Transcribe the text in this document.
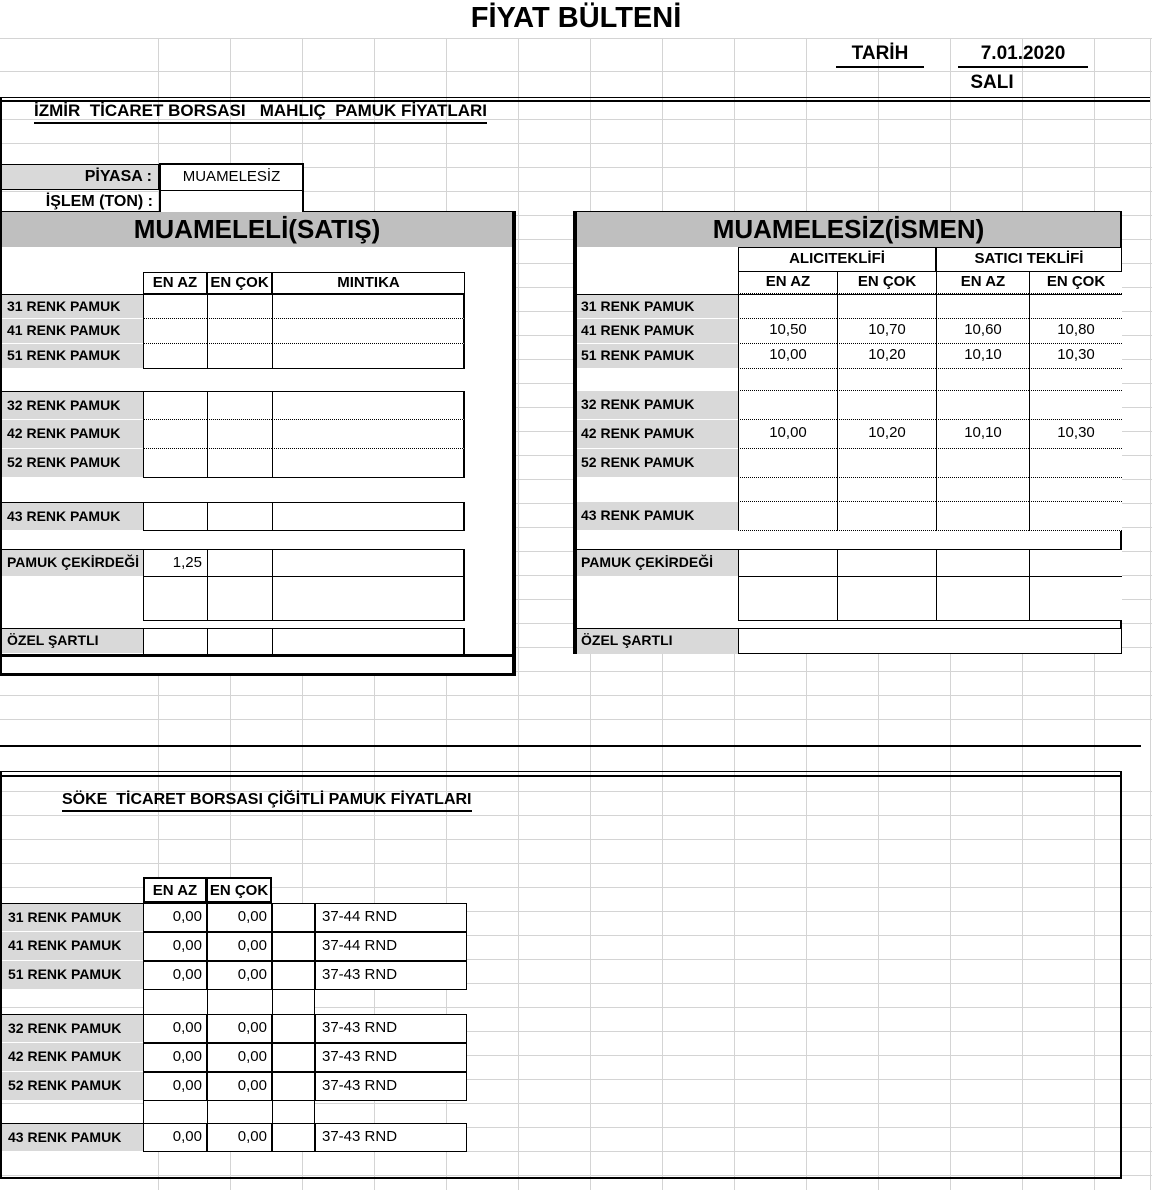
FİYAT BÜLTENİ
TARİH	7.01.2020
SALI
İZMİR  TİCARET BORSASI   MAHLIÇ  PAMUK FİYATLARI
PİYASA :
İŞLEM (TON) :
MUAMELESİZ
MUAMELELİ(SATIŞ)	MUAMELESİZ(İSMEN)
SÖKE  TİCARET BORSASI ÇİĞİTLİ PAMUK FİYATLARI
EN AZ EN ÇOK	MINTIKA
31 RENK PAMUK
41 RENK PAMUK
51 RENK PAMUK
32 RENK PAMUK
42 RENK PAMUK
52 RENK PAMUK
43 RENK PAMUK
PAMUK ÇEKİRDEĞİ	1,25
ÖZEL ŞARTLI
ALICITEKLİFİ	SATICI TEKLİFİ
EN AZ	EN ÇOK	EN AZ	EN ÇOK
31 RENK PAMUK
41 RENK PAMUK	10,50	10,70	10,60	10,80
51 RENK PAMUK	10,00	10,20	10,10	10,30
32 RENK PAMUK
42 RENK PAMUK	10,00	10,20	10,10	10,30
52 RENK PAMUK
43 RENK PAMUK
PAMUK ÇEKİRDEĞİ
ÖZEL ŞARTLI
EN AZ EN ÇOK
31 RENK PAMUK	0,00	0,00	37-44 RND
41 RENK PAMUK	0,00	0,00	37-44 RND
51 RENK PAMUK	0,00	0,00	37-43 RND
32 RENK PAMUK	0,00	0,00	37-43 RND
42 RENK PAMUK	0,00	0,00	37-43 RND
52 RENK PAMUK	0,00	0,00	37-43 RND
43 RENK PAMUK	0,00	0,00	37-43 RND
